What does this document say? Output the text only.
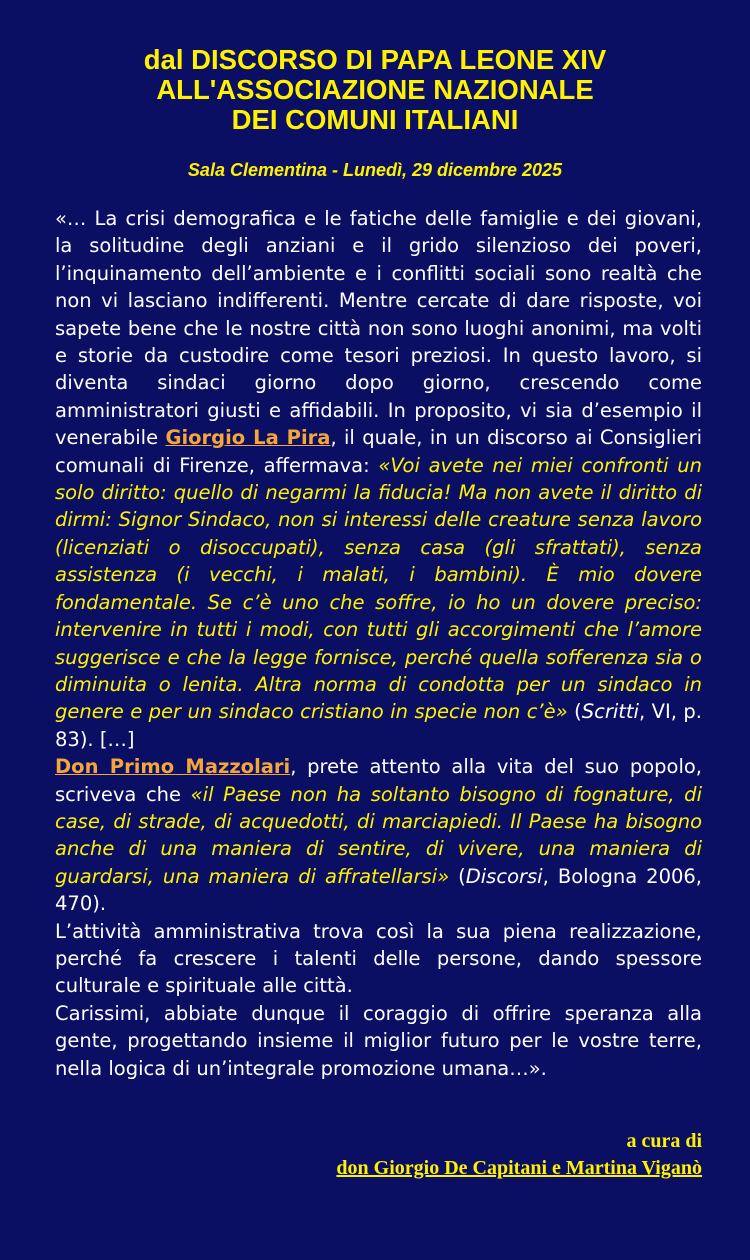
dal DISCORSO DI PAPA LEONE XIV
ALL'ASSOCIAZIONE NAZIONALE
DEI COMUNI ITALIANI
Sala Clementina - Lunedì, 29 dicembre 2025

«… La crisi demografica e le fatiche delle famiglie e dei giovani, la solitudine degli anziani e il grido silenzioso dei poveri, l’inquinamento dell’ambiente e i conflitti sociali sono realtà che non vi lasciano indifferenti. Mentre cercate di dare risposte, voi sapete bene che le nostre città non sono luoghi anonimi, ma volti e storie da custodire come tesori preziosi. In questo lavoro, si diventa sindaci giorno dopo giorno, crescendo come amministratori giusti e affidabili. In proposito, vi sia d’esempio il venerabile Giorgio La Pira, il quale, in un discorso ai Consiglieri comunali di Firenze, affermava: «Voi avete nei miei confronti un solo diritto: quello di negarmi la fiducia! Ma non avete il diritto di dirmi: Signor Sindaco, non si interessi delle creature senza lavoro (licenziati o disoccupati), senza casa (gli sfrattati), senza assistenza (i vecchi, i malati, i bambini). È mio dovere fondamentale. Se c’è uno che soffre, io ho un dovere preciso: intervenire in tutti i modi, con tutti gli accorgimenti che l’amore suggerisce e che la legge fornisce, perché quella sofferenza sia o diminuita o lenita. Altra norma di condotta per un sindaco in genere e per un sindaco cristiano in specie non c’è» (Scritti, VI, p. 83). […]

Don Primo Mazzolari, prete attento alla vita del suo popolo, scriveva che «il Paese non ha soltanto bisogno di fognature, di case, di strade, di acquedotti, di marciapiedi. Il Paese ha bisogno anche di una maniera di sentire, di vivere, una maniera di guardarsi, una maniera di affratellarsi» (Discorsi, Bologna 2006, 470).

L’attività amministrativa trova così la sua piena realizzazione, perché fa crescere i talenti delle persone, dando spessore culturale e spirituale alle città.

Carissimi, abbiate dunque il coraggio di offrire speranza alla gente, progettando insieme il miglior futuro per le vostre terre, nella logica di un’integrale promozione umana…».

a cura di
don Giorgio De Capitani e Martina Viganò
